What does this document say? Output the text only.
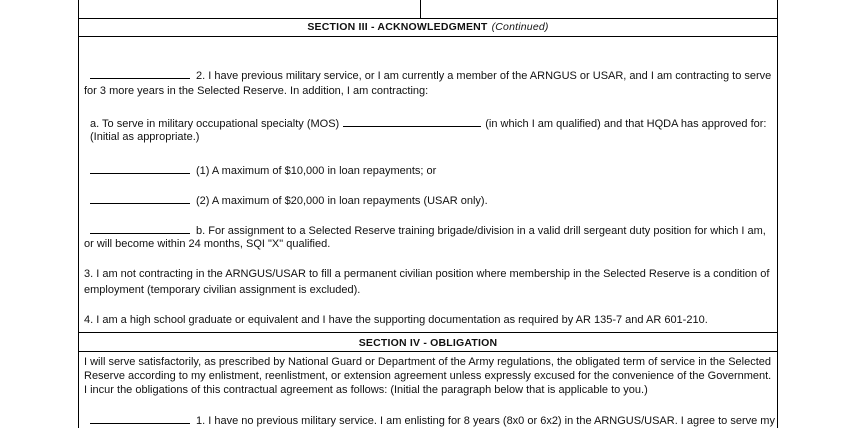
SECTION III - ACKNOWLEDGMENT (Continued)
2. I have previous military service, or I am currently a member of the ARNGUS or USAR, and I am contracting to serve
for 3 more years in the Selected Reserve. In addition, I am contracting:
a. To serve in military occupational specialty (MOS)	(in which I am qualified) and that HQDA has approved for:
(Initial as appropriate.)
(1) A maximum of $10,000 in loan repayments; or
(2) A maximum of $20,000 in loan repayments (USAR only).
b. For assignment to a Selected Reserve training brigade/division in a valid drill sergeant duty position for which I am,
or will become within 24 months, SQI "X" qualified.
3. I am not contracting in the ARNGUS/USAR to fill a permanent civilian position where membership in the Selected Reserve is a condition of
employment (temporary civilian assignment is excluded).
4. I am a high school graduate or equivalent and I have the supporting documentation as required by AR 135-7 and AR 601-210.
SECTION IV - OBLIGATION
I will serve satisfactorily, as prescribed by National Guard or Department of the Army regulations, the obligated term of service in the Selected
Reserve according to my enlistment, reenlistment, or extension agreement unless expressly excused for the convenience of the Government.
I incur the obligations of this contractual agreement as follows: (Initial the paragraph below that is applicable to you.)
1. I have no previous military service. I am enlisting for 8 years (8x0 or 6x2) in the ARNGUS/USAR. I agree to serve my
